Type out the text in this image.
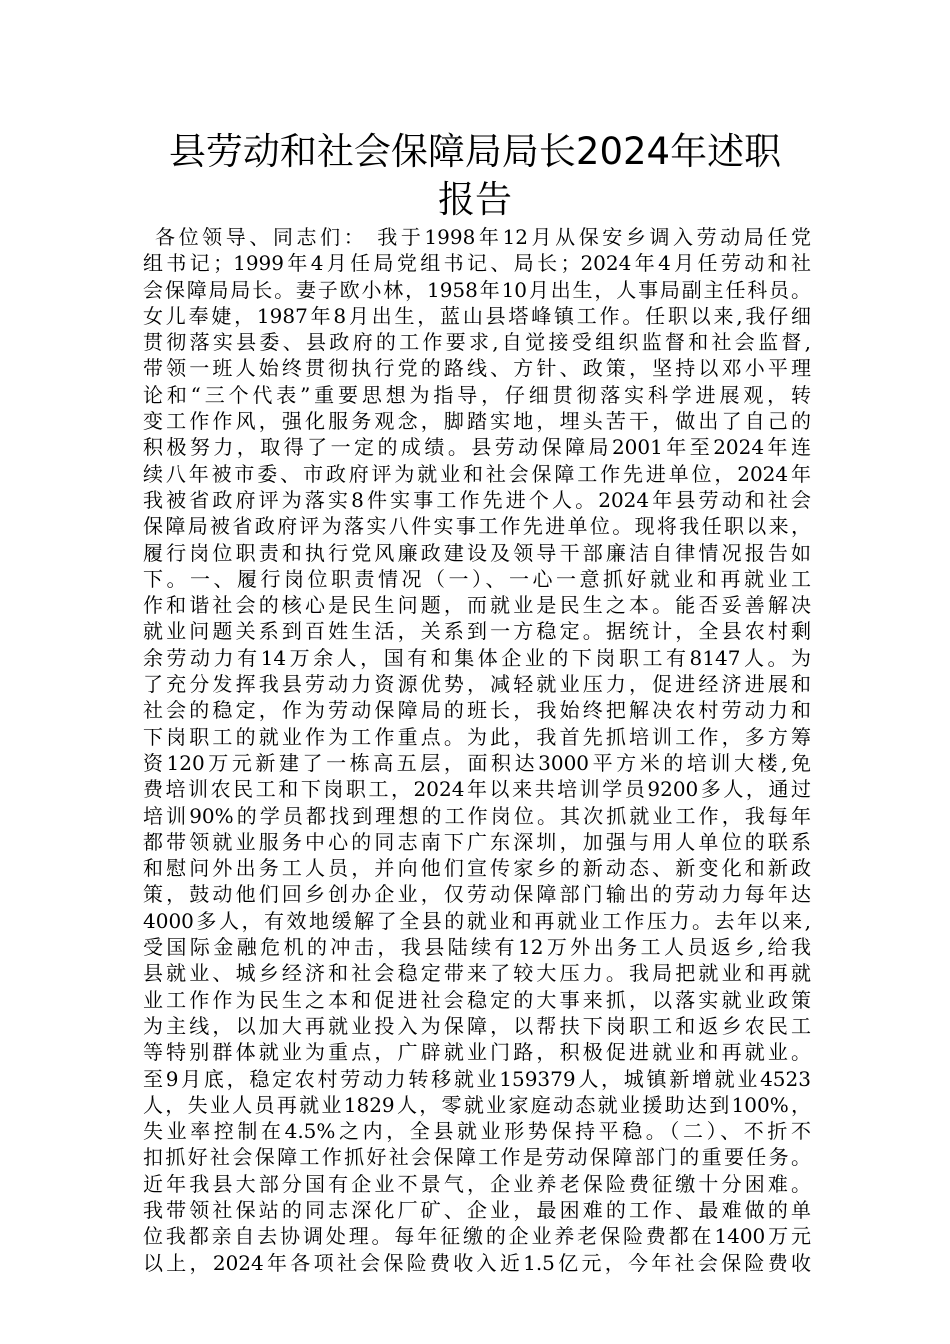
县劳动和社会保障局局长2024年述职
报告
各位领导、同志们： 我于1998年12月从保安乡调入劳动局任党
组书记；1999年4月任局党组书记、局长；2024年4月任劳动和社
会保障局局长。妻子欧小林，1958年10月出生，人事局副主任科员。
女儿奉婕，1987年8月出生，蓝山县塔峰镇工作。任职以来,我仔细
贯彻落实县委、县政府的工作要求,自觉接受组织监督和社会监督,
带领一班人始终贯彻执行党的路线、方针、政策，坚持以邓小平理
论和“三个代表”重要思想为指导，仔细贯彻落实科学进展观，转
变工作作风，强化服务观念，脚踏实地，埋头苦干，做出了自己的
积极努力，取得了一定的成绩。县劳动保障局2001年至2024年连
续八年被市委、市政府评为就业和社会保障工作先进单位，2024年
我被省政府评为落实8件实事工作先进个人。2024年县劳动和社会
保障局被省政府评为落实八件实事工作先进单位。现将我任职以来，
履行岗位职责和执行党风廉政建设及领导干部廉洁自律情况报告如
下。一、履行岗位职责情况（一）、一心一意抓好就业和再就业工
作和谐社会的核心是民生问题，而就业是民生之本。能否妥善解决
就业问题关系到百姓生活，关系到一方稳定。据统计，全县农村剩
余劳动力有14万余人，国有和集体企业的下岗职工有8147人。为
了充分发挥我县劳动力资源优势，减轻就业压力，促进经济进展和
社会的稳定，作为劳动保障局的班长，我始终把解决农村劳动力和
下岗职工的就业作为工作重点。为此，我首先抓培训工作，多方筹
资120万元新建了一栋高五层，面积达3000平方米的培训大楼,免
费培训农民工和下岗职工，2024年以来共培训学员9200多人，通过
培训90%的学员都找到理想的工作岗位。其次抓就业工作，我每年
都带领就业服务中心的同志南下广东深圳，加强与用人单位的联系
和慰问外出务工人员，并向他们宣传家乡的新动态、新变化和新政
策，鼓动他们回乡创办企业，仅劳动保障部门输出的劳动力每年达
4000多人，有效地缓解了全县的就业和再就业工作压力。去年以来,
受国际金融危机的冲击，我县陆续有12万外出务工人员返乡,给我
县就业、城乡经济和社会稳定带来了较大压力。我局把就业和再就
业工作作为民生之本和促进社会稳定的大事来抓，以落实就业政策
为主线，以加大再就业投入为保障，以帮扶下岗职工和返乡农民工
等特别群体就业为重点，广辟就业门路，积极促进就业和再就业。
至9月底，稳定农村劳动力转移就业159379人，城镇新增就业4523
人，失业人员再就业1829人，零就业家庭动态就业援助达到100%，
失业率控制在4.5%之内，全县就业形势保持平稳。（二）、不折不
扣抓好社会保障工作抓好社会保障工作是劳动保障部门的重要任务。
近年我县大部分国有企业不景气，企业养老保险费征缴十分困难。
我带领社保站的同志深化厂矿、企业，最困难的工作、最难做的单
位我都亲自去协调处理。每年征缴的企业养老保险费都在1400万元
以上，2024年各项社会保险费收入近1.5亿元，今年社会保险费收
